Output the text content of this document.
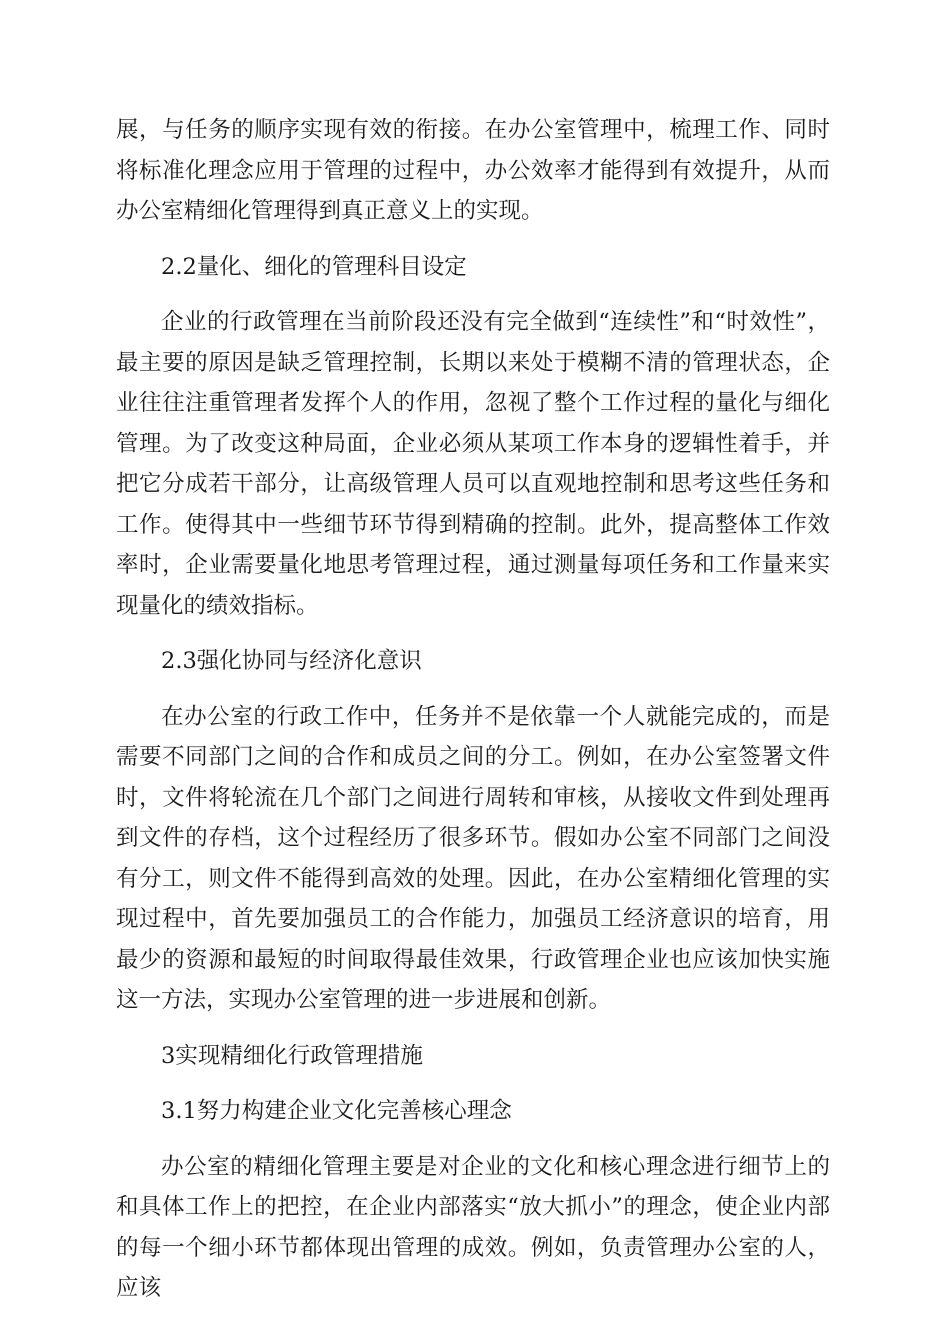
展，与任务的顺序实现有效的衔接。在办公室管理中，梳理工作、同时将标准化理念应用于管理的过程中，办公效率才能得到有效提升，从而办公室精细化管理得到真正意义上的实现。

2.2量化、细化的管理科目设定

企业的行政管理在当前阶段还没有完全做到“连续性”和“时效性”，最主要的原因是缺乏管理控制，长期以来处于模糊不清的管理状态，企业往往注重管理者发挥个人的作用，忽视了整个工作过程的量化与细化管理。为了改变这种局面，企业必须从某项工作本身的逻辑性着手，并把它分成若干部分，让高级管理人员可以直观地控制和思考这些任务和工作。使得其中一些细节环节得到精确的控制。此外，提高整体工作效率时，企业需要量化地思考管理过程，通过测量每项任务和工作量来实现量化的绩效指标。

2.3强化协同与经济化意识

在办公室的行政工作中，任务并不是依靠一个人就能完成的，而是需要不同部门之间的合作和成员之间的分工。例如，在办公室签署文件时，文件将轮流在几个部门之间进行周转和审核，从接收文件到处理再到文件的存档，这个过程经历了很多环节。假如办公室不同部门之间没有分工，则文件不能得到高效的处理。因此，在办公室精细化管理的实现过程中，首先要加强员工的合作能力，加强员工经济意识的培育，用最少的资源和最短的时间取得最佳效果，行政管理企业也应该加快实施这一方法，实现办公室管理的进一步进展和创新。

3实现精细化行政管理措施

3.1努力构建企业文化完善核心理念

办公室的精细化管理主要是对企业的文化和核心理念进行细节上的和具体工作上的把控，在企业内部落实“放大抓小”的理念，使企业内部的每一个细小环节都体现出管理的成效。例如，负责管理办公室的人，应该
